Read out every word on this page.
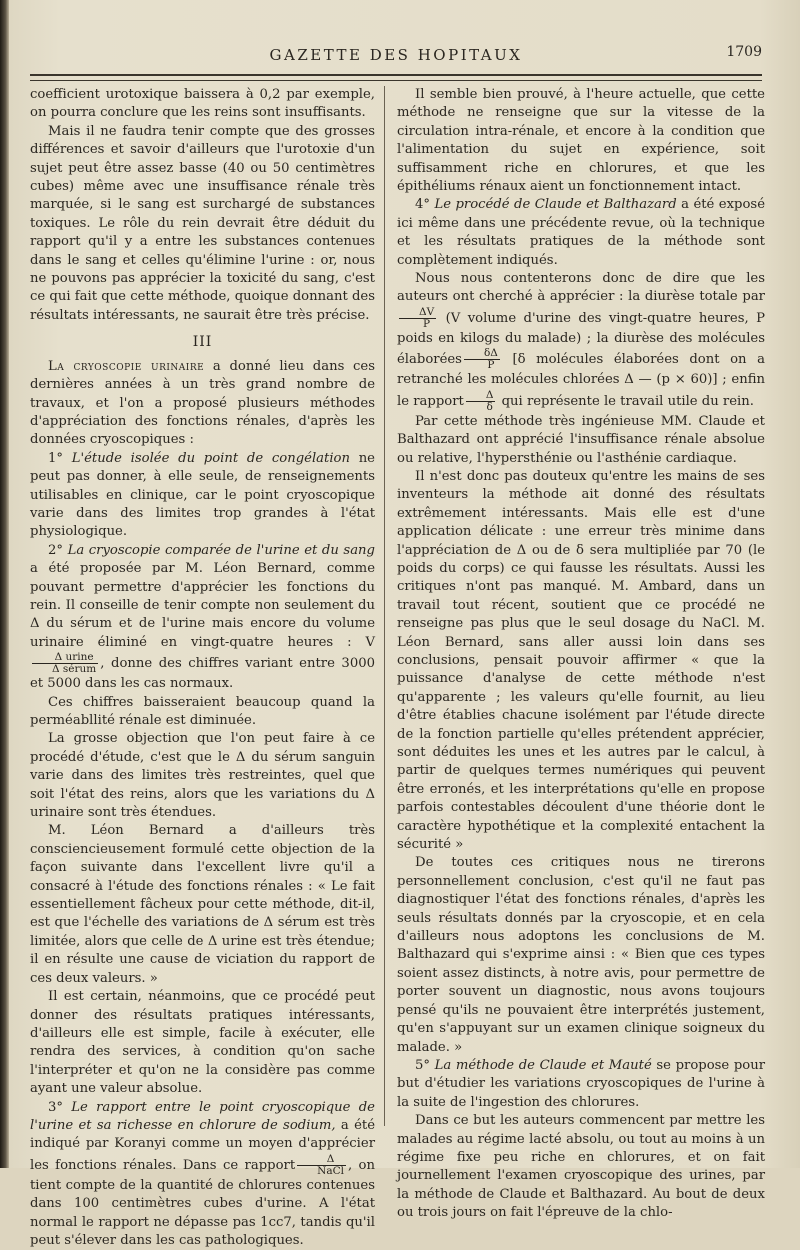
GAZETTE DES HOPITAUX	1709

coefficient urotoxique baissera à 0,2 par exemple, on pourra conclure que les reins sont insuffisants.

Mais il ne faudra tenir compte que des grosses différences et savoir d'ailleurs que l'urotoxie d'un sujet peut être assez basse (40 ou 50 centimètres cubes) même avec une insuffisance rénale très marquée, si le sang est surchargé de substances toxiques. Le rôle du rein devrait être déduit du rapport qu'il y a entre les substances contenues dans le sang et celles qu'élimine l'urine : or, nous ne pouvons pas apprécier la toxicité du sang, c'est ce qui fait que cette méthode, quoique donnant des résultats intéressants, ne saurait être très précise.

III

La cryoscopie urinaire a donné lieu dans ces dernières années à un très grand nombre de travaux, et l'on a proposé plusieurs méthodes d'appréciation des fonctions rénales, d'après les données cryoscopiques :

1° L'étude isolée du point de congélation ne peut pas donner, à elle seule, de renseignements utilisables en clinique, car le point cryoscopique varie dans des limites trop grandes à l'état physiologique.

2° La cryoscopie comparée de l'urine et du sang a été proposée par M. Léon Bernard, comme pouvant permettre d'apprécier les fonctions du rein. Il conseille de tenir compte non seulement du Δ du sérum et de l'urine mais encore du volume urinaire éliminé en vingt-quatre heures : V
$\frac{\text{Δ urine}}{\text{Δ sérum}}$ , donne des chiffres variant entre 3000 et 5000 dans les cas normaux.

Ces chiffres baisseraient beaucoup quand la perméabllité rénale est diminuée.

La grosse objection que l'on peut faire à ce procédé d'étude, c'est que le Δ du sérum sanguin varie dans des limites très restreintes, quel que soit l'état des reins, alors que les variations du Δ urinaire sont très étendues.

M. Léon Bernard a d'ailleurs très consciencieusement formulé cette objection de la façon suivante dans l'excellent livre qu'il a consacré à l'étude des fonctions rénales : « Le fait essentiellement fâcheux pour cette méthode, dit-il, est que l'échelle des variations de Δ sérum est très limitée, alors que celle de Δ urine est très étendue; il en résulte une cause de viciation du rapport de ces deux valeurs. »

Il est certain, néanmoins, que ce procédé peut donner des résultats pratiques intéressants, d'ailleurs elle est simple, facile à exécuter, elle rendra des services, à condition qu'on sache l'interpréter et qu'on ne la considère pas comme ayant une valeur absolue.

3° Le rapport entre le point cryoscopique de l'urine et sa richesse en chlorure de sodium, a été indiqué par Koranyi comme un moyen d'apprécier les fonctions rénales. Dans ce rapport $\frac{\Delta}{\text{NaCl}}$ , on tient compte de la quantité de chlorures contenues dans 100 centimètres cubes d'urine. A l'état normal le rapport ne dépasse pas 1cc7, tandis qu'il peut s'élever dans les cas pathologiques.

Il semble bien prouvé, à l'heure actuelle, que cette méthode ne renseigne que sur la vitesse de la circulation intra-rénale, et encore à la condition que l'alimentation du sujet en expérience, soit suffisamment riche en chlorures, et que les épithéliums rénaux aient un fonctionnement intact.

4° Le procédé de Claude et Balthazard a été exposé ici même dans une précédente revue, où la technique et les résultats pratiques de la méthode sont complètement indiqués.

Nous nous contenterons donc de dire que les auteurs ont cherché à apprécier : la diurèse totale par
$\frac{\Delta V}{P} (V$ volume d'urine des vingt-quatre heures, P poids en kilogs du malade) ; la diurèse des molécules élaborées $\frac{\delta\Delta}{P} [\delta$ molécules élaborées dont on a retranché les molécules chlorées Δ — (p × 60)] ; enfin le rapport $\frac{\Delta}{\delta}$ qui représente le travail utile du rein.

Par cette méthode très ingénieuse MM. Claude et Balthazard ont apprécié l'insuffisance rénale absolue ou relative, l'hypersthénie ou l'asthénie cardiaque.

Il n'est donc pas douteux qu'entre les mains de ses inventeurs la méthode ait donné des résultats extrêmement intéressants. Mais elle est d'une application délicate : une erreur très minime dans l'appréciation de Δ ou de δ sera multipliée par 70 (le poids du corps) ce qui fausse les résultats. Aussi les critiques n'ont pas manqué. M. Ambard, dans un travail tout récent, soutient que ce procédé ne renseigne pas plus que le seul dosage du NaCl. M. Léon Bernard, sans aller aussi loin dans ses conclusions, pensait pouvoir affirmer « que la puissance d'analyse de cette méthode n'est qu'apparente ; les valeurs qu'elle fournit, au lieu d'être établies chacune isolément par l'étude directe de la fonction partielle qu'elles prétendent apprécier, sont déduites les unes et les autres par le calcul, à partir de quelques termes numériques qui peuvent être erronés, et les interprétations qu'elle en propose parfois contestables découlent d'une théorie dont le caractère hypothétique et la complexité entachent la sécurité »

De toutes ces critiques nous ne tirerons personnellement conclusion, c'est qu'il ne faut pas diagnostiquer l'état des fonctions rénales, d'après les seuls résultats donnés par la cryoscopie, et en cela d'ailleurs nous adoptons les conclusions de M. Balthazard qui s'exprime ainsi : « Bien que ces types soient assez distincts, à notre avis, pour permettre de porter souvent un diagnostic, nous avons toujours pensé qu'ils ne pouvaient être interprétés justement, qu'en s'appuyant sur un examen clinique soigneux du malade. »

5° La méthode de Claude et Mauté se propose pour but d'étudier les variations cryoscopiques de l'urine à la suite de l'ingestion des chlorures.

Dans ce but les auteurs commencent par mettre les malades au régime lacté absolu, ou tout au moins à un régime fixe peu riche en chlorures, et on fait journellement l'examen cryoscopique des urines, par la méthode de Claude et Balthazard. Au bout de deux ou trois jours on fait l'épreuve de la chlo-
